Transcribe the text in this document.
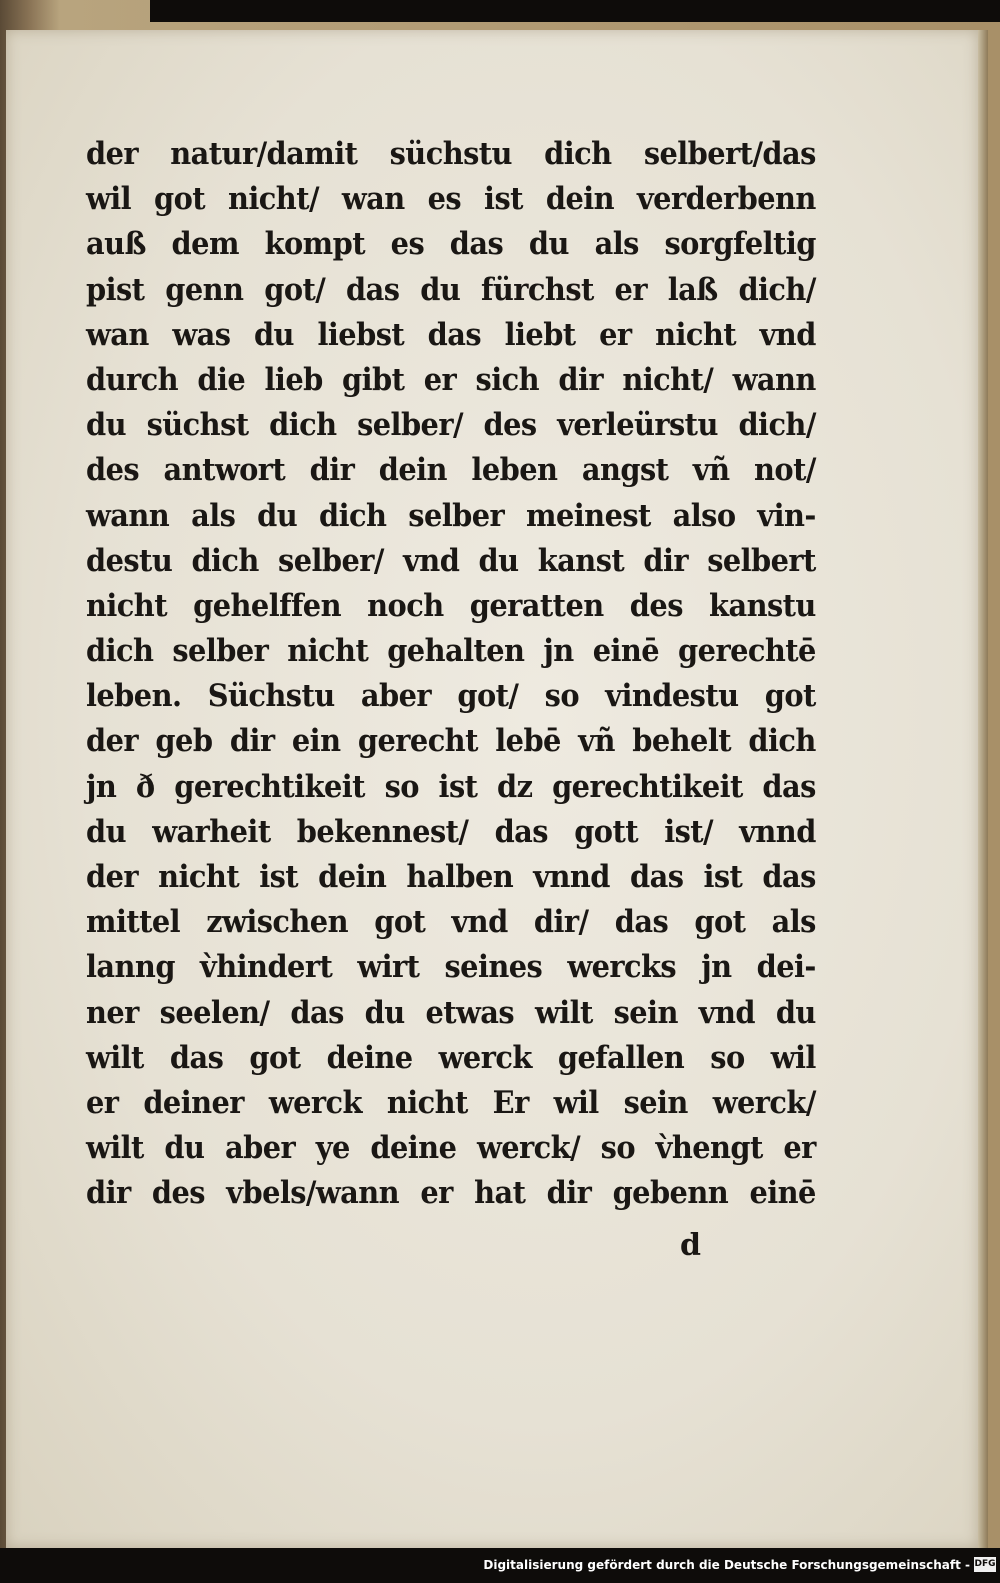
der natur/damit süchstu dich selbert/das
wil got nicht/ wan es ist dein verderbenn
auß dem kompt es das du als sorgfeltig
pist genn got/ das du fürchst er laß dich/
wan was du liebst das liebt er nicht vnd
durch die lieb gibt er sich dir nicht/ wann
du süchst dich selber/ des verleürstu dich/
des antwort dir dein leben angst vñ not/
wann als du dich selber meinest also vin-
destu dich selber/ vnd du kanst dir selbert
nicht gehelffen noch geratten des kanstu
dich selber nicht gehalten jn einē gerechtē
leben. Süchstu aber got/ so vindestu got
der geb dir ein gerecht lebē vñ behelt dich
jn ð gerechtikeit so ist dz gerechtikeit das
du warheit bekennest/ das gott ist/ vnnd
der nicht ist dein halben vnnd das ist das
mittel zwischen got vnd dir/ das got als
lanng v̀hindert wirt seines wercks jn dei-
ner seelen/ das du etwas wilt sein vnd du
wilt das got deine werck gefallen so wil
er deiner werck nicht Er wil sein werck/
wilt du aber ye deine werck/ so v̀hengt er
dir des vbels/wann er hat dir gebenn einē
d
Digitalisierung gefördert durch die Deutsche Forschungsgemeinschaft - DFG
